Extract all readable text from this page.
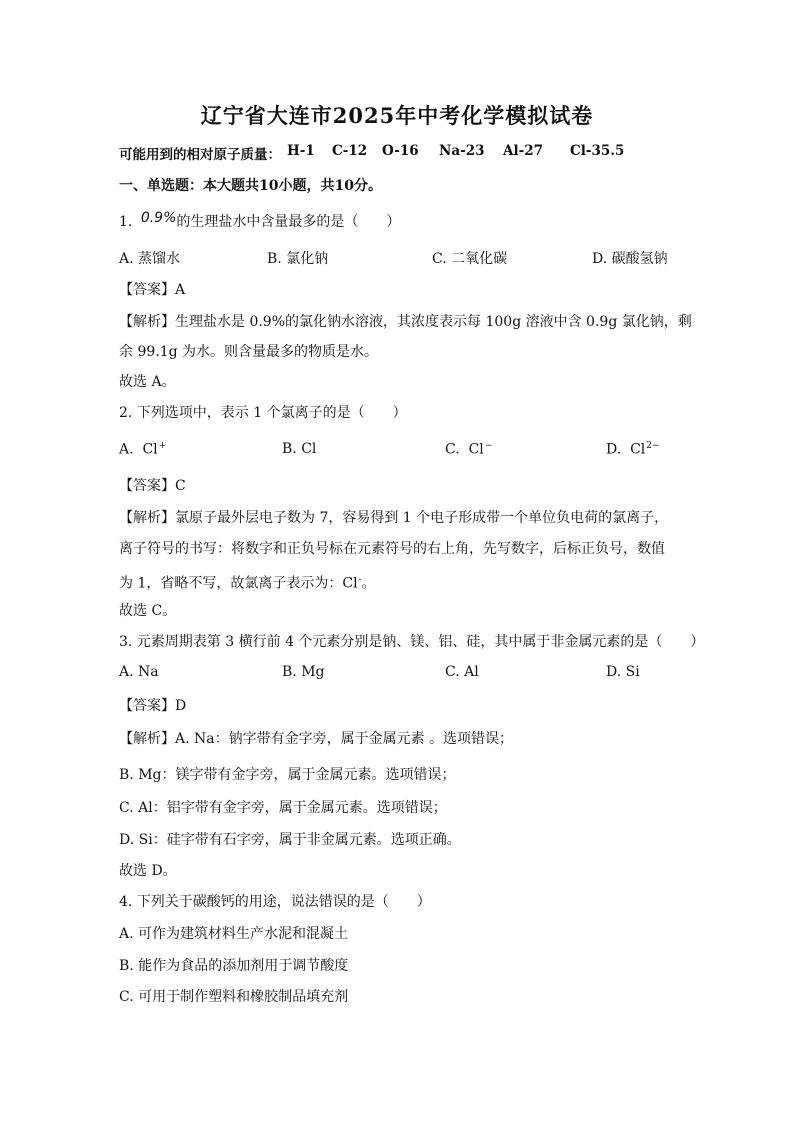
辽宁省大连市2025年中考化学模拟试卷
可能用到的相对原子质量： H-1 C-12 O-16 Na-23 Al-27 Cl-35.5
一、单选题：本大题共10小题，共10分。
1. 0.9%的生理盐水中含量最多的是（　　）
A. 蒸馏水	B. 氯化钠	C. 二氧化碳	D. 碳酸氢钠
【答案】A
【解析】生理盐水是 0.9%的氯化钠水溶液，其浓度表示每 100g 溶液中含 0.9g 氯化钠，剩
余 99.1g 为水。则含量最多的物质是水。
故选 A。
2. 下列选项中，表示 1 个氯离子的是（　　）
A. Cl+	B. Cl	C. Cl−	D. $Cl^{2-}$
【答案】C
【解析】氯原子最外层电子数为 7，容易得到 1 个电子形成带一个单位负电荷的氯离子，
离子符号的书写：将数字和正负号标在元素符号的右上角，先写数字，后标正负号，数值
为 1，省略不写，故氯离子表示为：Cl-。
故选 C。
3. 元素周期表第 3 横行前 4 个元素分别是钠、镁、铝、硅，其中属于非金属元素的是（　　）
A. Na	B. Mg	C. Al	D. Si
【答案】D
【解析】A. Na：钠字带有金字旁，属于金属元素 。选项错误；
B. Mg：镁字带有金字旁，属于金属元素。选项错误；
C. Al：铝字带有金字旁，属于金属元素。选项错误；
D. Si：硅字带有石字旁，属于非金属元素。选项正确。
故选 D。
4. 下列关于碳酸钙的用途，说法错误的是（　　）
A. 可作为建筑材料生产水泥和混凝土
B. 能作为食品的添加剂用于调节酸度
C. 可用于制作塑料和橡胶制品填充剂
